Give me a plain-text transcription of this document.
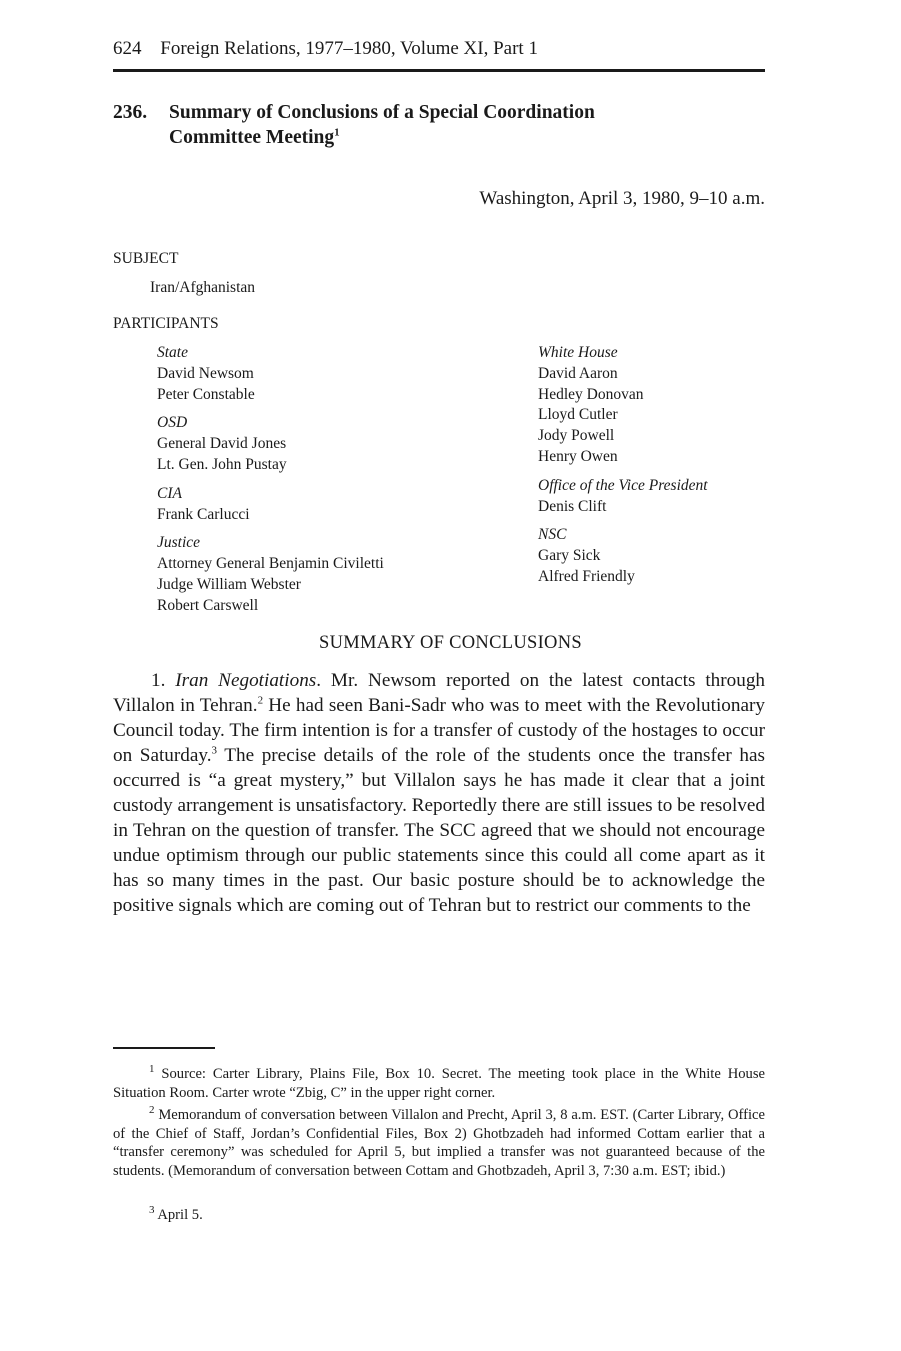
624 Foreign Relations, 1977–1980, Volume XI, Part 1
236. Summary of Conclusions of a Special Coordination
Committee Meeting$^1$
Washington, April 3, 1980, 9–10 a.m.
SUBJECT
Iran/Afghanistan
PARTICIPANTS
State
David Newsom
Peter Constable
OSD
General David Jones
Lt. Gen. John Pustay
CIA
Frank Carlucci
Justice
Attorney General Benjamin Civiletti
Judge William Webster
Robert Carswell
White House
David Aaron
Hedley Donovan
Lloyd Cutler
Jody Powell
Henry Owen
Office of the Vice President
Denis Clift
NSC
Gary Sick
Alfred Friendly
SUMMARY OF CONCLUSIONS

1. Iran Negotiations. Mr. Newsom reported on the latest contacts through Villalon in Tehran.$^2$ He had seen Bani-Sadr who was to meet with the Revolutionary Council today. The firm intention is for a transfer of custody of the hostages to occur on Saturday.$^3$ The precise details of the role of the students once the transfer has occurred is “a great mystery,” but Villalon says he has made it clear that a joint custody arrangement is unsatisfactory. Reportedly there are still issues to be resolved in Tehran on the question of transfer. The SCC agreed that we should not encourage undue optimism through our public statements since this could all come apart as it has so many times in the past. Our basic posture should be to acknowledge the positive signals which are coming out of Tehran but to restrict our comments to the

$^1$ Source: Carter Library, Plains File, Box 10. Secret. The meeting took place in the White House Situation Room. Carter wrote “Zbig, C” in the upper right corner.

$^2$ Memorandum of conversation between Villalon and Precht, April 3, 8 a.m. EST. (Carter Library, Office of the Chief of Staff, Jordan’s Confidential Files, Box 2) Ghotbzadeh had informed Cottam earlier that a “transfer ceremony” was scheduled for April 5, but implied a transfer was not guaranteed because of the students. (Memorandum of conversation between Cottam and Ghotbzadeh, April 3, 7:30 a.m. EST; ibid.)

$^3$ April 5.
